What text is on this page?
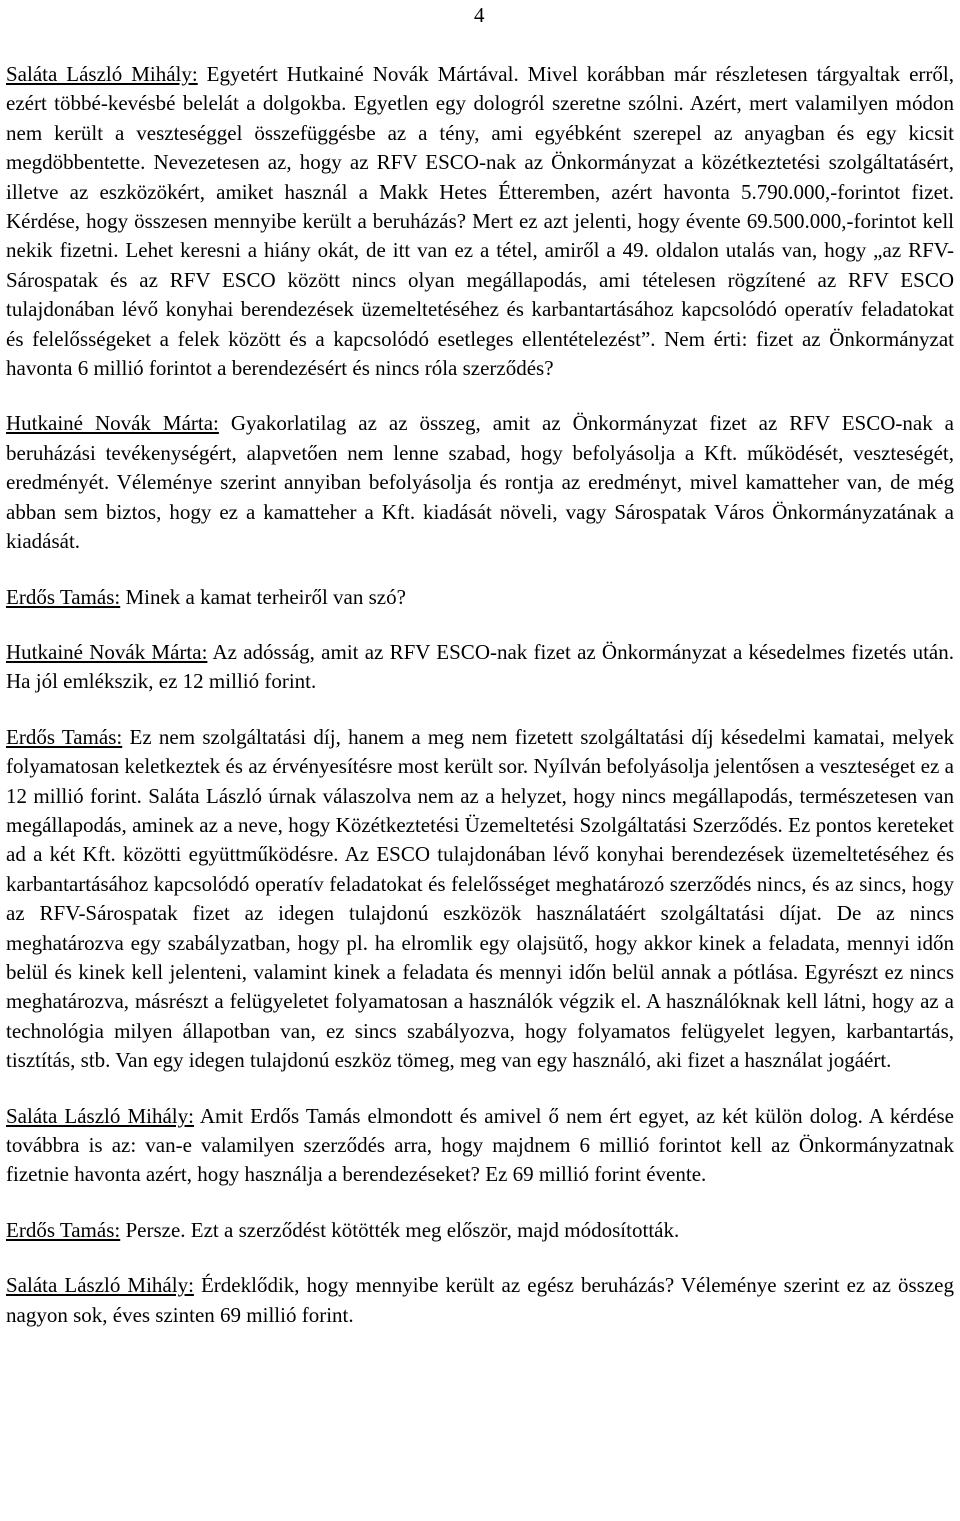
4

Saláta László Mihály: Egyetért Hutkainé Novák Mártával. Mivel korábban már részletesen tárgyaltak erről, ezért többé-kevésbé belelát a dolgokba. Egyetlen egy dologról szeretne szólni. Azért, mert valamilyen módon nem került a veszteséggel összefüggésbe az a tény, ami egyébként szerepel az anyagban és egy kicsit megdöbbentette. Nevezetesen az, hogy az RFV ESCO-nak az Önkormányzat a közétkeztetési szolgáltatásért, illetve az eszközökért, amiket használ a Makk Hetes Étteremben, azért havonta 5.790.000,-forintot fizet. Kérdése, hogy összesen mennyibe került a beruházás? Mert ez azt jelenti, hogy évente 69.500.000,-forintot kell nekik fizetni. Lehet keresni a hiány okát, de itt van ez a tétel, amiről a 49. oldalon utalás van, hogy „az RFV-Sárospatak és az RFV ESCO között nincs olyan megállapodás, ami tételesen rögzítené az RFV ESCO tulajdonában lévő konyhai berendezések üzemeltetéséhez és karbantartásához kapcsolódó operatív feladatokat és felelősségeket a felek között és a kapcsolódó esetleges ellentételezést”. Nem érti: fizet az Önkormányzat havonta 6 millió forintot a berendezésért és nincs róla szerződés?

Hutkainé Novák Márta: Gyakorlatilag az az összeg, amit az Önkormányzat fizet az RFV ESCO-nak a beruházási tevékenységért, alapvetően nem lenne szabad, hogy befolyásolja a Kft. működését, veszteségét, eredményét. Véleménye szerint annyiban befolyásolja és rontja az eredményt, mivel kamatteher van, de még abban sem biztos, hogy ez a kamatteher a Kft. kiadását növeli, vagy Sárospatak Város Önkormányzatának a kiadását.

Erdős Tamás: Minek a kamat terheiről van szó?

Hutkainé Novák Márta: Az adósság, amit az RFV ESCO-nak fizet az Önkormányzat a késedelmes fizetés után. Ha jól emlékszik, ez 12 millió forint.

Erdős Tamás: Ez nem szolgáltatási díj, hanem a meg nem fizetett szolgáltatási díj késedelmi kamatai, melyek folyamatosan keletkeztek és az érvényesítésre most került sor. Nyílván befolyásolja jelentősen a veszteséget ez a 12 millió forint. Saláta László úrnak válaszolva nem az a helyzet, hogy nincs megállapodás, természetesen van megállapodás, aminek az a neve, hogy Közétkeztetési Üzemeltetési Szolgáltatási Szerződés. Ez pontos kereteket ad a két Kft. közötti együttműködésre. Az ESCO tulajdonában lévő konyhai berendezések üzemeltetéséhez és karbantartásához kapcsolódó operatív feladatokat és felelősséget meghatározó szerződés nincs, és az sincs, hogy az RFV-Sárospatak fizet az idegen tulajdonú eszközök használatáért szolgáltatási díjat. De az nincs meghatározva egy szabályzatban, hogy pl. ha elromlik egy olajsütő, hogy akkor kinek a feladata, mennyi időn belül és kinek kell jelenteni, valamint kinek a feladata és mennyi időn belül annak a pótlása. Egyrészt ez nincs meghatározva, másrészt a felügyeletet folyamatosan a használók végzik el. A használóknak kell látni, hogy az a technológia milyen állapotban van, ez sincs szabályozva, hogy folyamatos felügyelet legyen, karbantartás, tisztítás, stb. Van egy idegen tulajdonú eszköz tömeg, meg van egy használó, aki fizet a használat jogáért.

Saláta László Mihály: Amit Erdős Tamás elmondott és amivel ő nem ért egyet, az két külön dolog. A kérdése továbbra is az: van-e valamilyen szerződés arra, hogy majdnem 6 millió forintot kell az Önkormányzatnak fizetnie havonta azért, hogy használja a berendezéseket? Ez 69 millió forint évente.

Erdős Tamás: Persze. Ezt a szerződést kötötték meg először, majd módosították.

Saláta László Mihály: Érdeklődik, hogy mennyibe került az egész beruházás? Véleménye szerint ez az összeg nagyon sok, éves szinten 69 millió forint.
